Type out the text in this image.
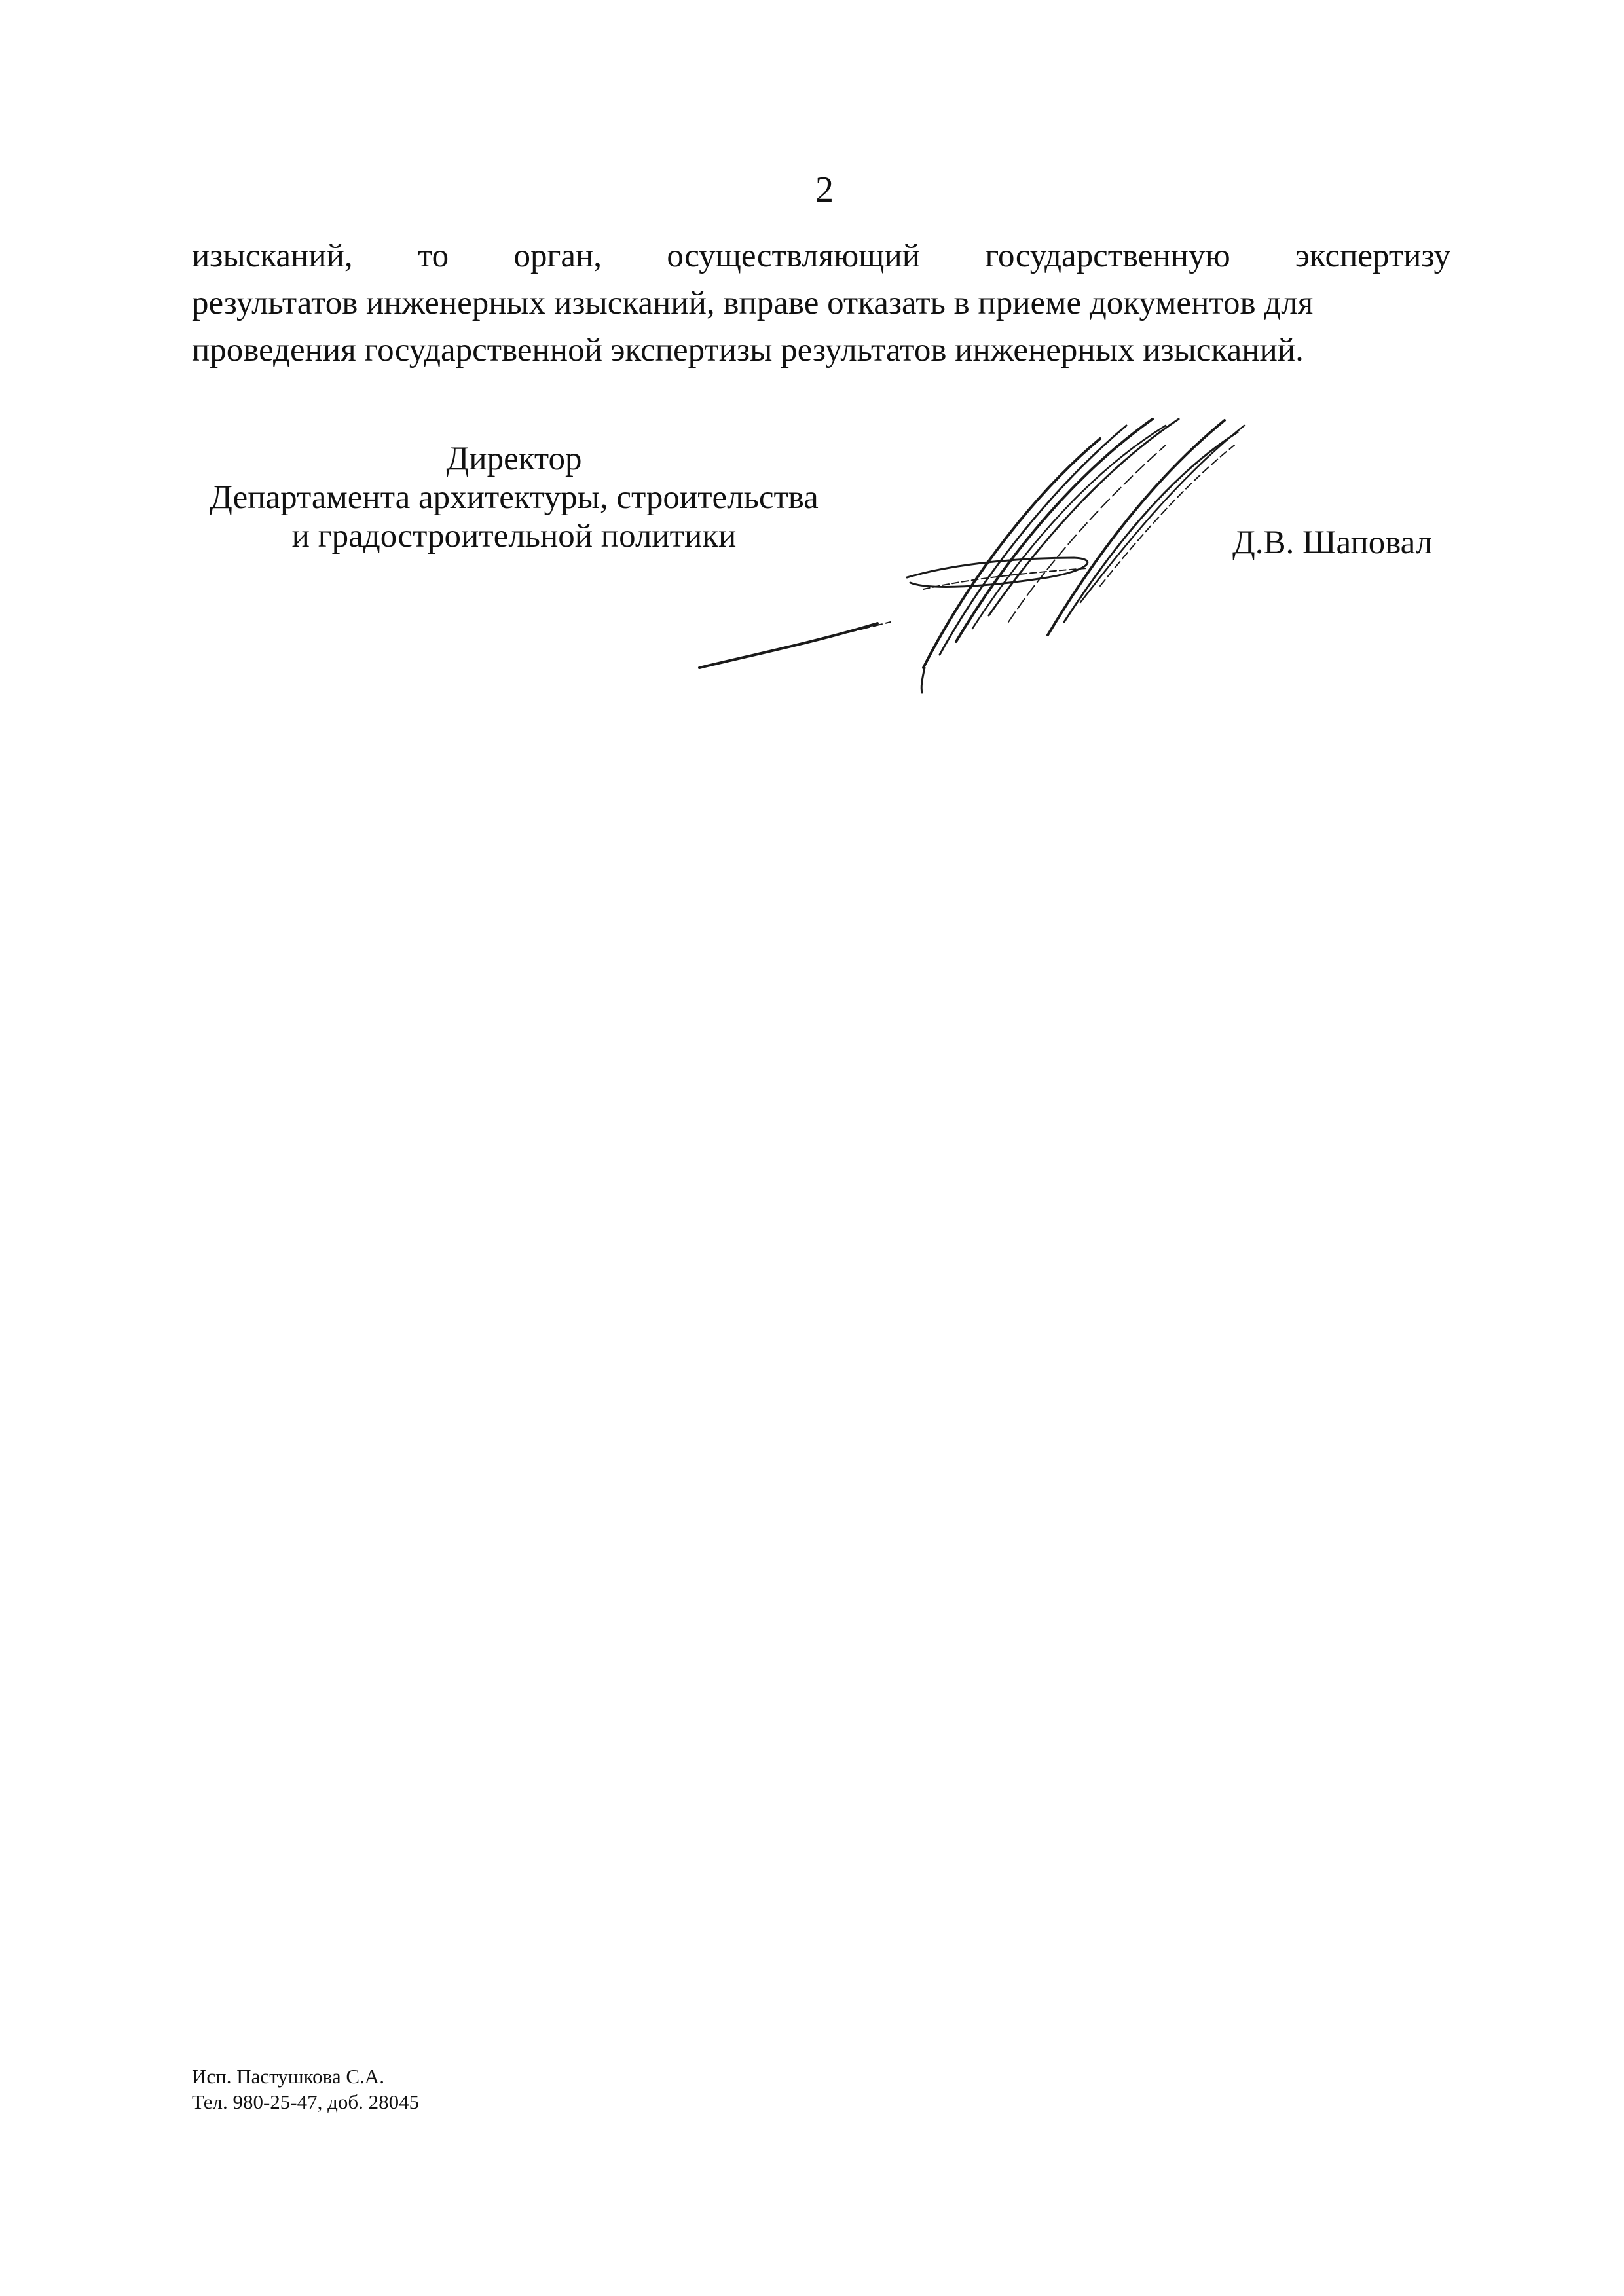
2
изысканий, то орган, осуществляющий государственную экспертизу
результатов инженерных изысканий, вправе отказать в приеме документов для
проведения государственной экспертизы результатов инженерных изысканий.
Директор
Департамента архитектуры, строительства
и градостроительной политики	Д.В. Шаповал
Исп. Пастушкова С.А.
Тел. 980-25-47, доб. 28045
